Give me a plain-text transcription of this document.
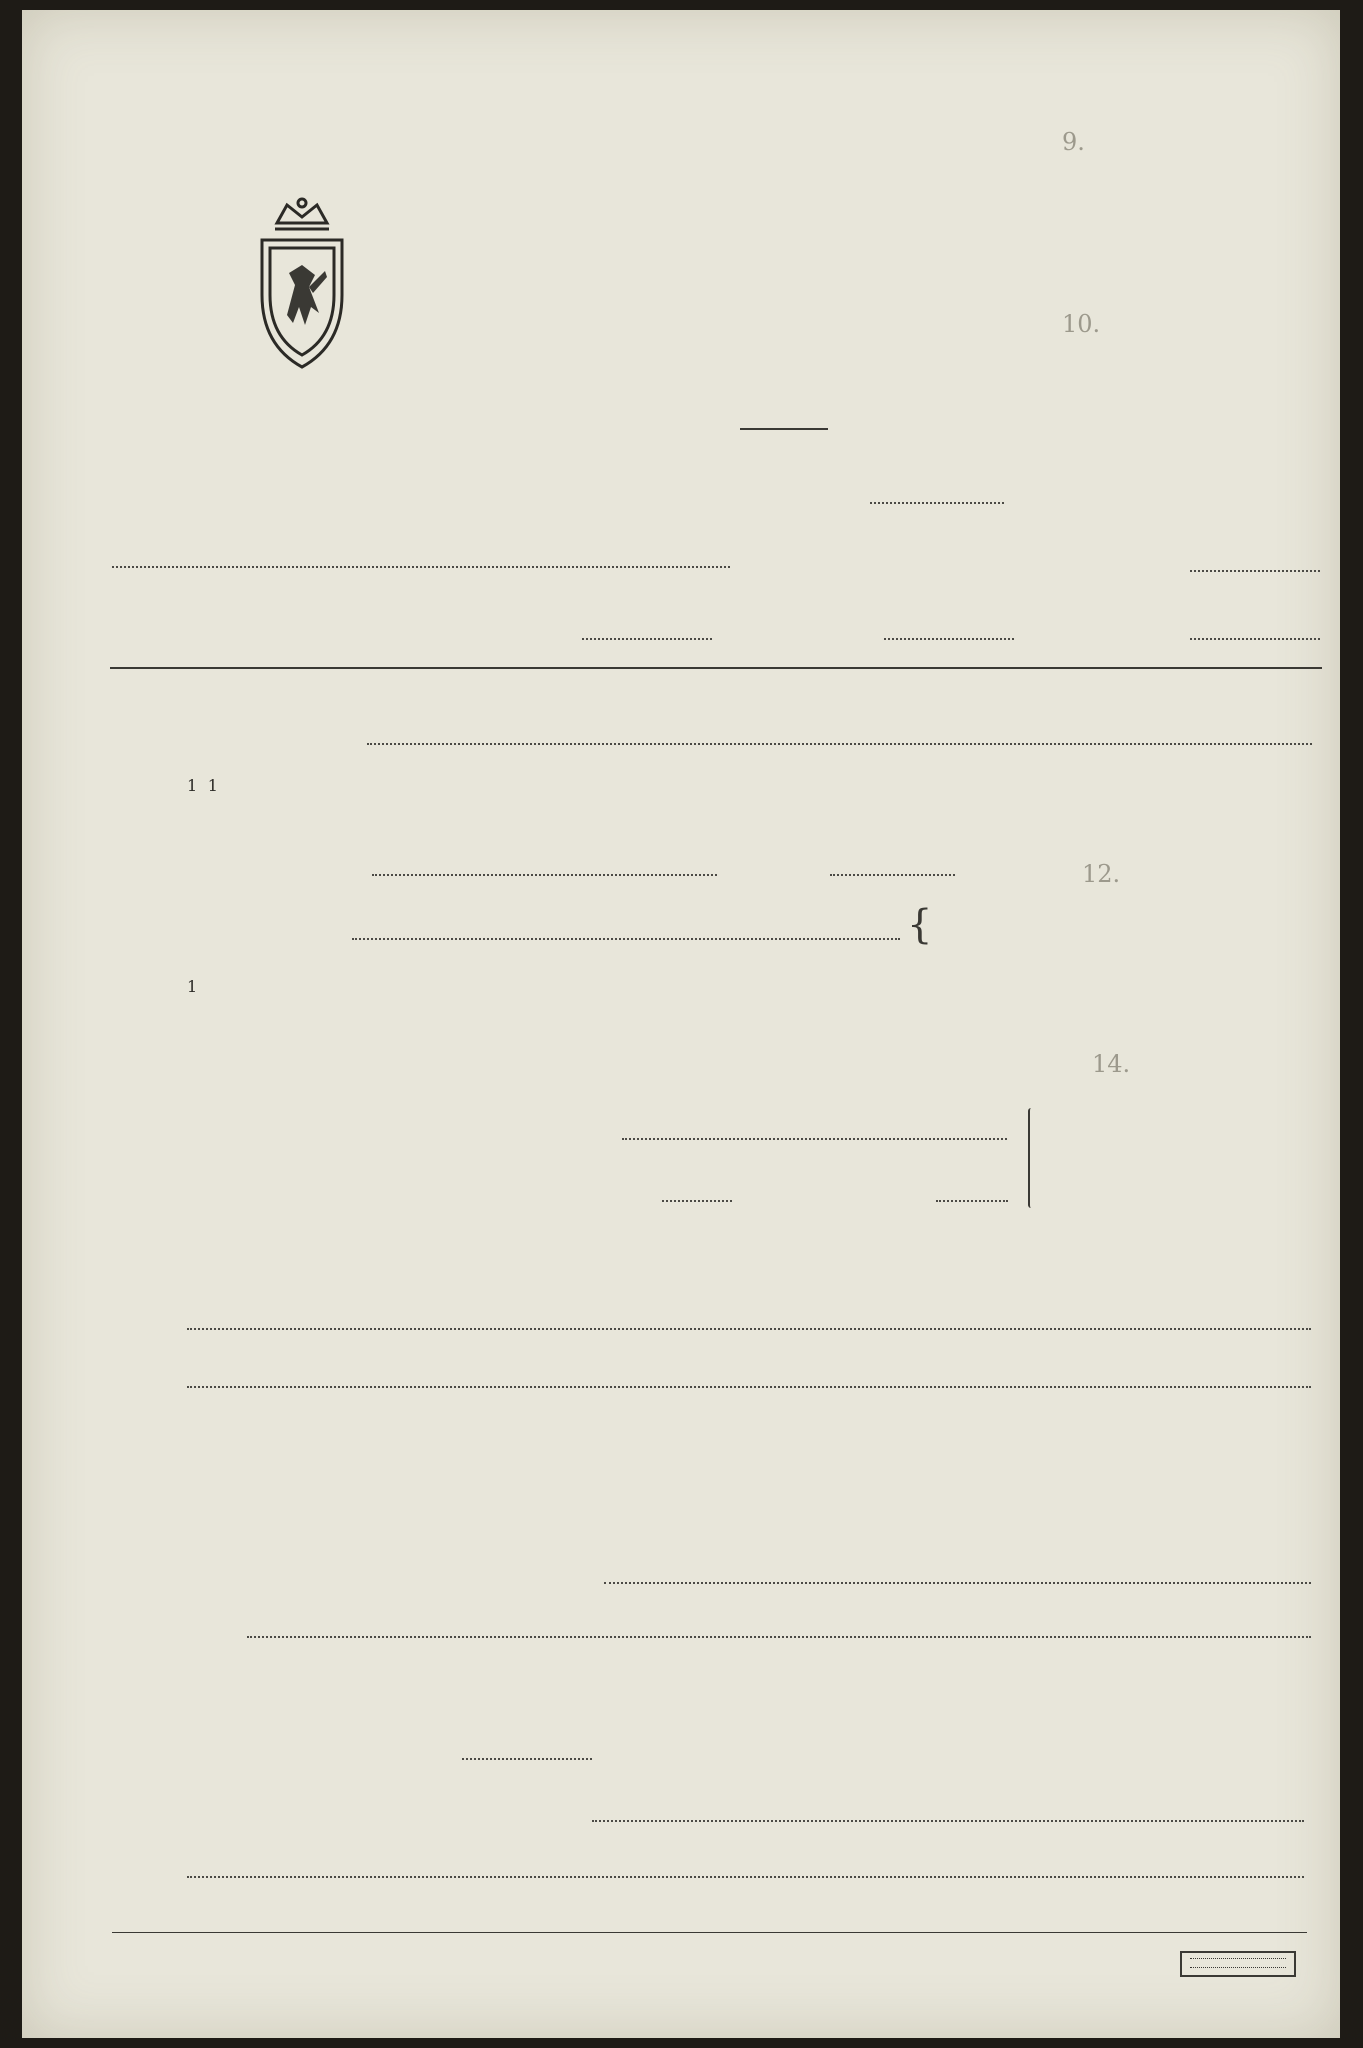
9.
10.
12.
14.
$^1$ $^1$
{
$^1$
